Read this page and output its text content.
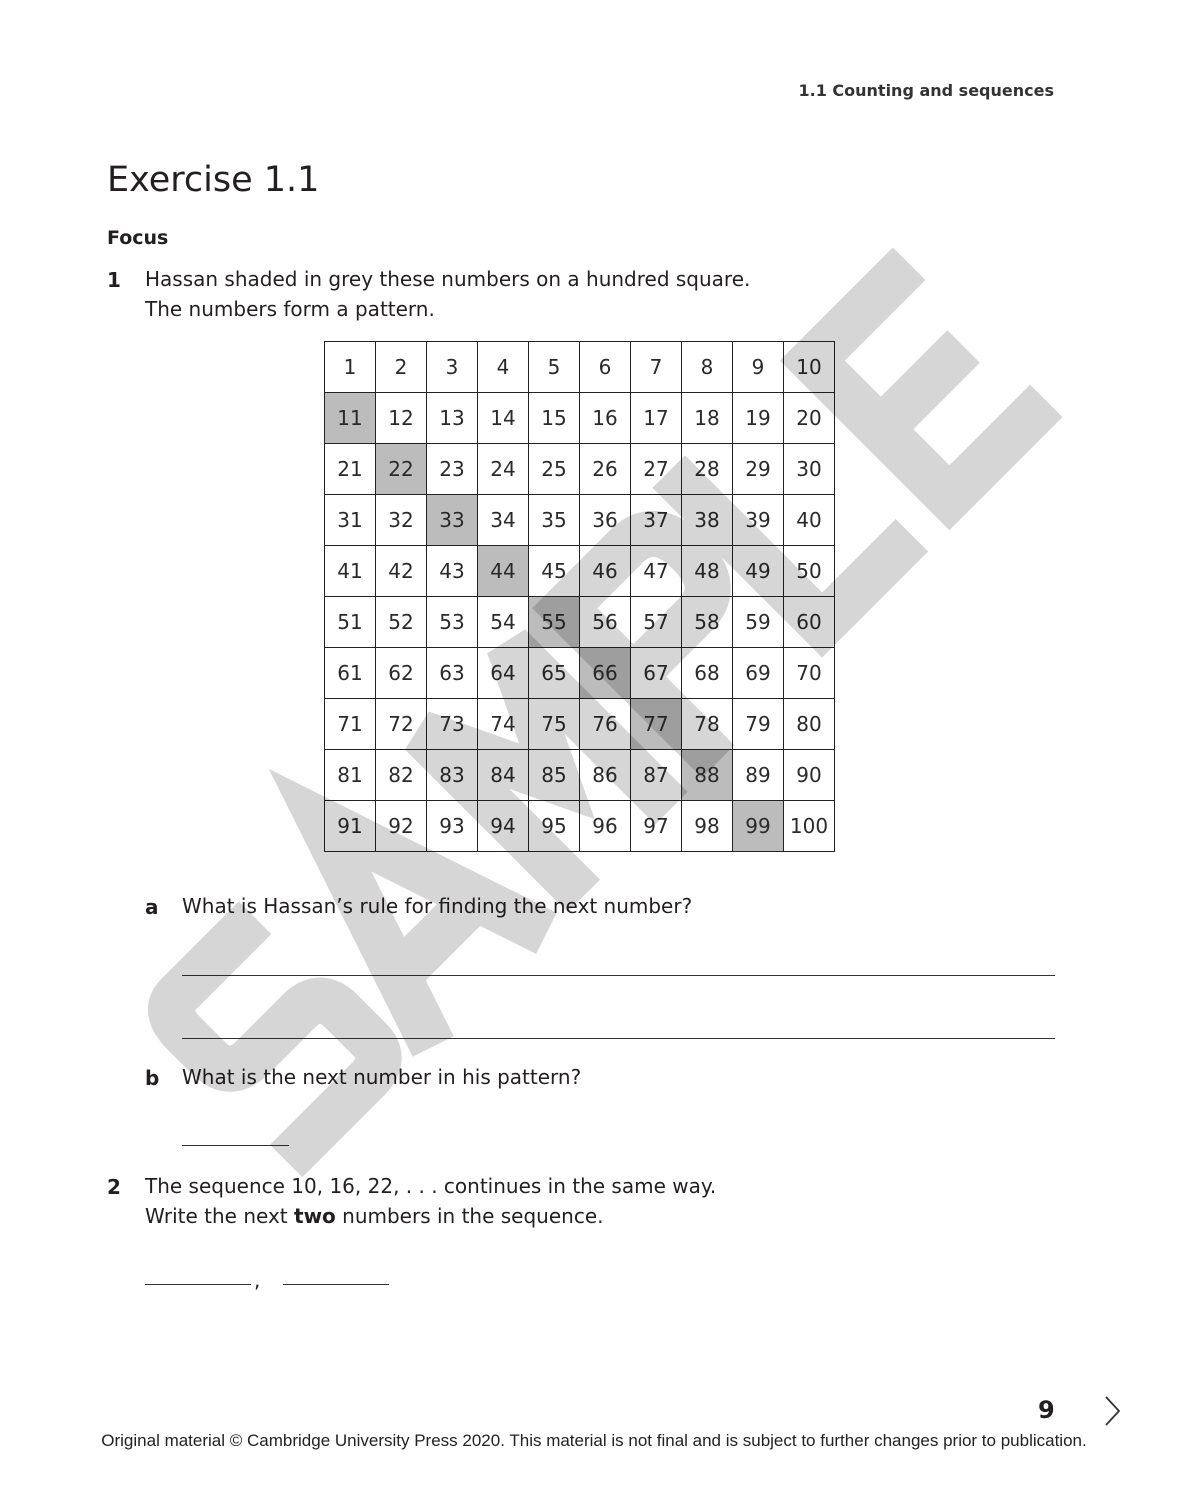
1.1 Counting and sequences
Exercise 1.1
Focus
1 Hassan shaded in grey these numbers on a hundred square.
The numbers form a pattern.
1	2	3	4	5	6	7	8	9	10
11	12	13	14	15	16	17	18	19	20
21	22	23	24	25	26	27	28	29	30
31	32	33	34	35	36	37	38	39	40
41	42	43	44	45	46	47	48	49	50
51	52	53	54	55	56	57	58	59	60
61	62	63	64	65	66	67	68	69	70
71	72	73	74	75	76	77	78	79	80
81	82	83	84	85	86	87	88	89	90
91	92	93	94	95	96	97	98	99	100
a What is Hassan’s rule for finding the next number?
b What is the next number in his pattern?
2 The sequence 10, 16, 22, . . . continues in the same way.
Write the next two numbers in the sequence.
,
9
Original material © Cambridge University Press 2020. This material is not final and is subject to further changes prior to publication.
